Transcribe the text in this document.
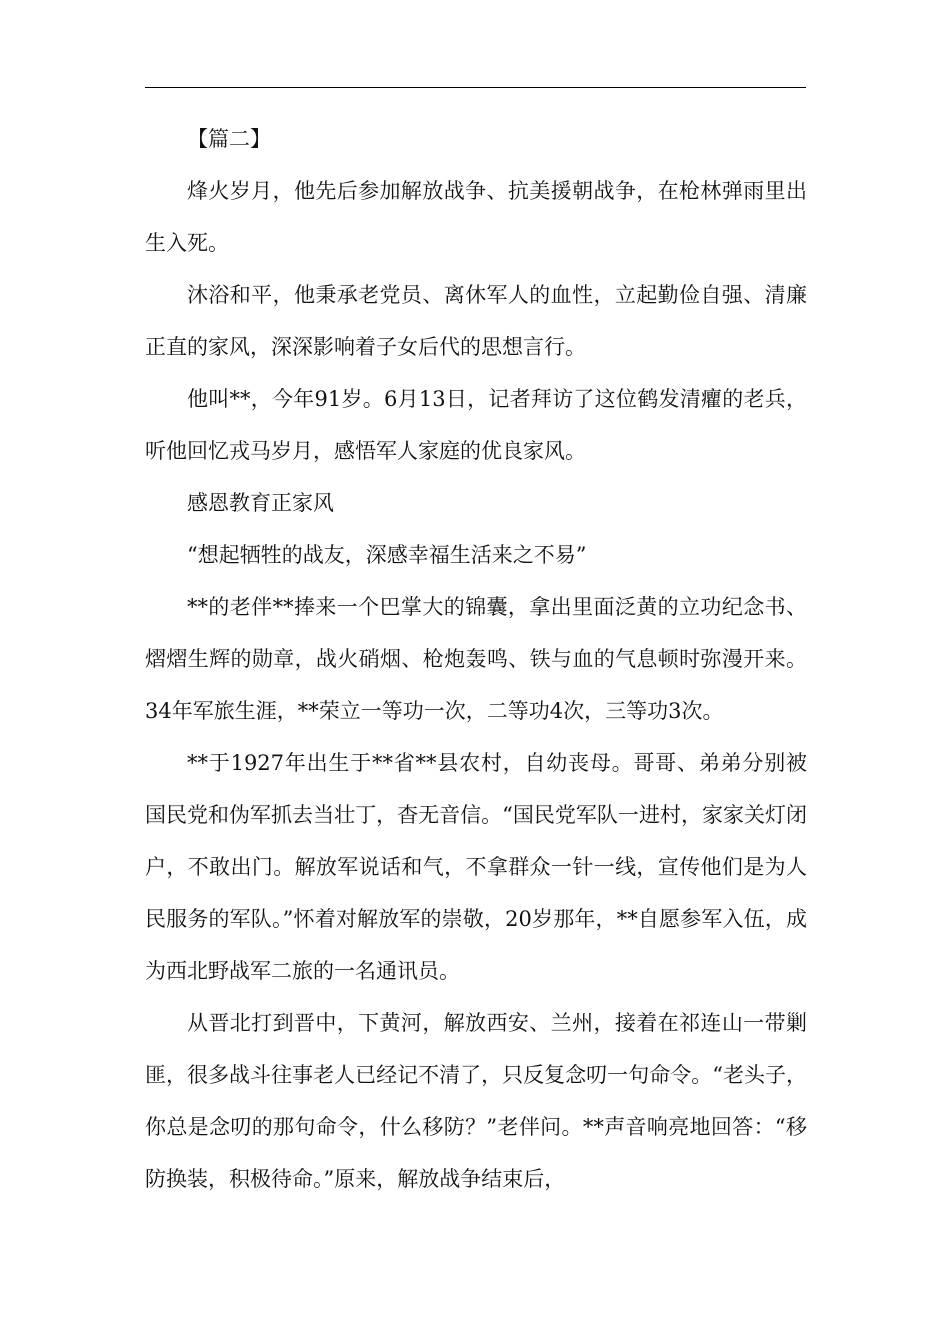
【篇二】

烽火岁月，他先后参加解放战争、抗美援朝战争，在枪林弹雨里出生入死。

沐浴和平，他秉承老党员、离休军人的血性，立起勤俭自强、清廉正直的家风，深深影响着子女后代的思想言行。

他叫**，今年91岁。6月13日，记者拜访了这位鹤发清癯的老兵，听他回忆戎马岁月，感悟军人家庭的优良家风。

感恩教育正家风

“想起牺牲的战友，深感幸福生活来之不易”

**的老伴**捧来一个巴掌大的锦囊，拿出里面泛黄的立功纪念书、熠熠生辉的勋章，战火硝烟、枪炮轰鸣、铁与血的气息顿时弥漫开来。34年军旅生涯，**荣立一等功一次，二等功4次，三等功3次。

**于1927年出生于**省**县农村，自幼丧母。哥哥、弟弟分别被国民党和伪军抓去当壮丁，杳无音信。“国民党军队一进村，家家关灯闭户，不敢出门。解放军说话和气，不拿群众一针一线，宣传他们是为人民服务的军队。”怀着对解放军的崇敬，20岁那年，**自愿参军入伍，成为西北野战军二旅的一名通讯员。

从晋北打到晋中，下黄河，解放西安、兰州，接着在祁连山一带剿匪，很多战斗往事老人已经记不清了，只反复念叨一句命令。“老头子，你总是念叨的那句命令，什么移防？”老伴问。**声音响亮地回答：“移防换装，积极待命。”原来，解放战争结束后，
